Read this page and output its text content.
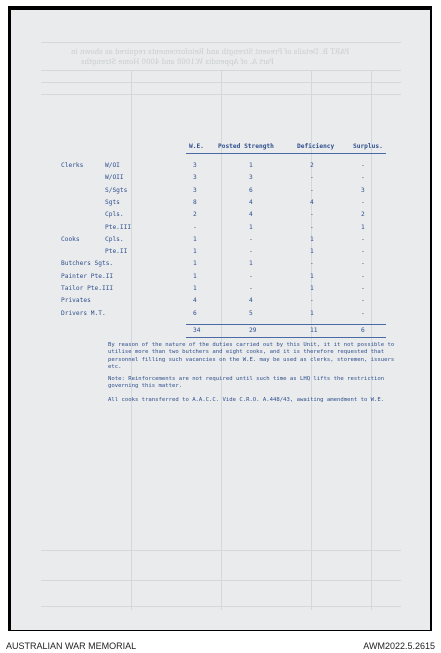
PART B. Details of Present Strength and Reinforcements required as shown in
Part A. of Appendix W.1068 and 4000 Home Strengths
W.E. Posted Strength	Deficiency	Surplus.
Clerks	W/OI	3	1	2	-
W/OII	3	3	-	-
S/Sgts	3	6	-	3
Sgts	8	4	4	-
Cpls.	2	4	-	2
Pte.III	-	1	-	1
Cooks	Cpls.	1	-	1	-
Pte.II	1	-	1	-
Butchers Sgts.	1	1	-	-
Painter Pte.II	1	-	1	-
Tailor Pte.III	1	-	1	-
Privates	4	4	-	-
Drivers M.T.	6	5	1	-
34	29	11	6
By reason of the nature of the duties carried out by this Unit, it it not possible to utilise more than two butchers and eight cooks, and it is therefore requested that personnel filling such vacancies on the W.E. may be used as clerks, storemen, issuers etc.
Note: Reinforcements are not required until such time as LHQ lifts the restriction governing this matter.
All cooks transferred to A.A.C.C. Vide C.R.O. A.448/43, awaiting amendment to W.E.
AUSTRALIAN WAR MEMORIAL	AWM2022.5.2615
